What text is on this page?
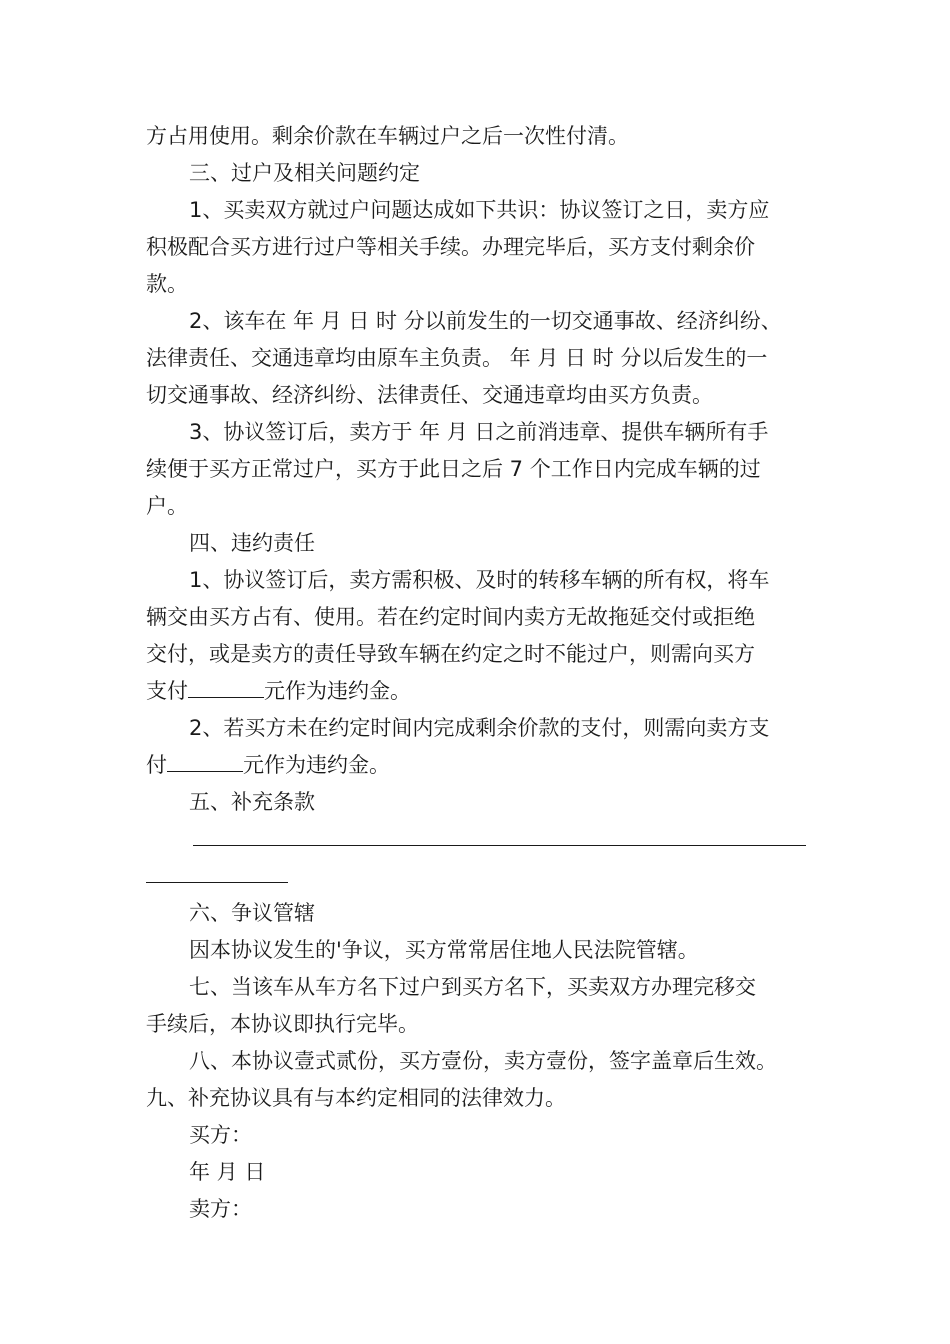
方占用使用。剩余价款在车辆过户之后一次性付清。
三、过户及相关问题约定
1、买卖双方就过户问题达成如下共识：协议签订之日，卖方应
积极配合买方进行过户等相关手续。办理完毕后，买方支付剩余价
款。
2、该车在 年 月 日 时 分以前发生的一切交通事故、经济纠纷、
法律责任、交通违章均由原车主负责。 年 月 日 时 分以后发生的一
切交通事故、经济纠纷、法律责任、交通违章均由买方负责。
3、协议签订后，卖方于 年 月 日之前消违章、提供车辆所有手
续便于买方正常过户，买方于此日之后 7 个工作日内完成车辆的过
户。
四、违约责任
1、协议签订后，卖方需积极、及时的转移车辆的所有权，将车
辆交由买方占有、使用。若在约定时间内卖方无故拖延交付或拒绝
交付，或是卖方的责任导致车辆在约定之时不能过户，则需向买方
支付	元作为违约金。
2、若买方未在约定时间内完成剩余价款的支付，则需向卖方支
付	元作为违约金。
五、补充条款
六、争议管辖
因本协议发生的'争议，买方常常居住地人民法院管辖。
七、当该车从车方名下过户到买方名下，买卖双方办理完移交
手续后，本协议即执行完毕。
八、本协议壹式贰份，买方壹份，卖方壹份，签字盖章后生效。
九、补充协议具有与本约定相同的法律效力。
买方：
年 月 日
卖方：
